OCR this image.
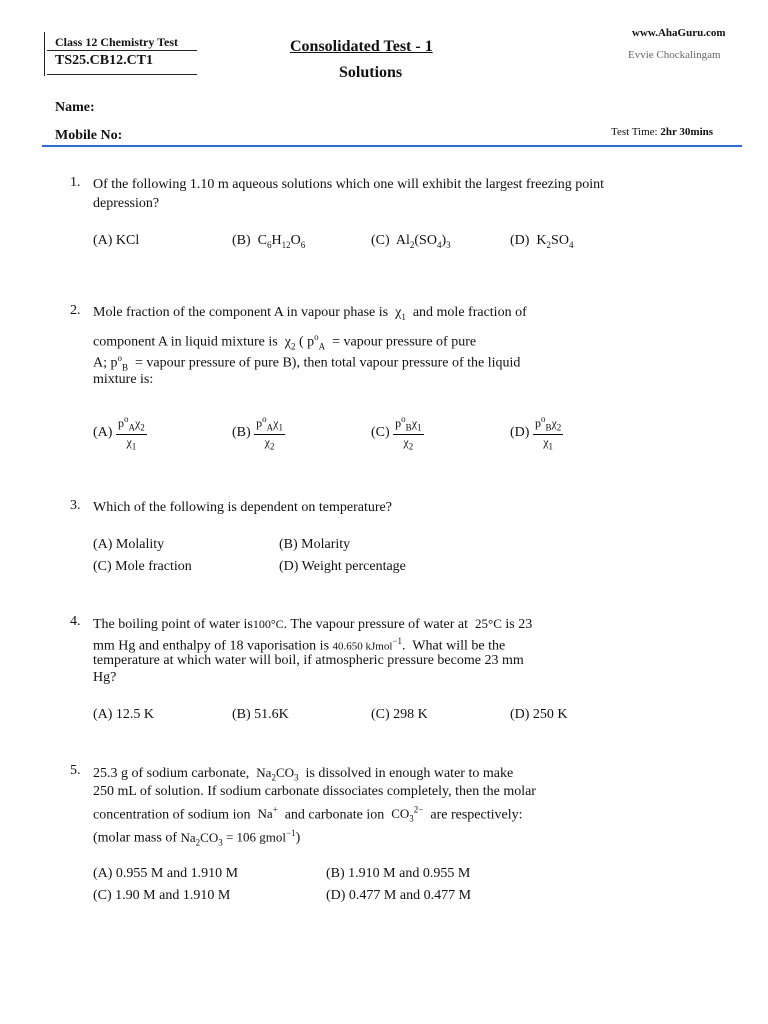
Class 12 Chemistry Test
TS25.CB12.CT1
Consolidated Test - 1
Solutions
www.AhaGuru.com
Evvie Chockalingam
Name:
Mobile No:	Test Time: 2hr 30mins
1. Of the following 1.10 m aqueous solutions which one will exhibit the largest freezing point depression?
(A) KCl	(B)  $C_6H_{12}O_6$	(C)  $Al_2(SO_4)_3$	(D)  $K_2SO_4$
2. Mole fraction of the component A in vapour phase is  $\chi_1$ and mole fraction of
component A in liquid mixture is  $\chi_2$ ( $p^o_A$ = vapour pressure of pure
A; $p^o_B$ = vapour pressure of pure B), then total vapour pressure of the liquid
mixture is:
$(A) \frac{p^o_A\chi_2}{\chi_1}$	$(B) \frac{p^o_A\chi_1}{\chi_2}$	$(C) \frac{p^o_B\chi_1}{\chi_2}$	$(D) \frac{p^o_B\chi_2}{\chi_1}$
3. Which of the following is dependent on temperature?
(A) Molality	(B) Molarity
(C) Mole fraction	(D) Weight percentage
4. The boiling point of water is100°C. The vapour pressure of water at 25°C is 23
mm Hg and enthalpy of 18 vaporisation is 40.650 kJmol$^{-1}$.  What will be the
temperature at which water will boil, if atmospheric pressure become 23 mm
Hg?
(A) 12.5 K	(B) 51.6K	(C) 298 K	(D) 250 K
5. 25.3 g of sodium carbonate, $Na_2CO_3$ is dissolved in enough water to make
250 mL of solution. If sodium carbonate dissociates completely, then the molar
concentration of sodium ion Na+ and carbonate ion $CO_3^{2-}$ are respectively:
(molar mass of $Na_2CO_3 = 106$ gmol$^{-1}$)
(A) 0.955 M and 1.910 M	(B) 1.910 M and 0.955 M
(C) 1.90 M and 1.910 M	(D) 0.477 M and 0.477 M
